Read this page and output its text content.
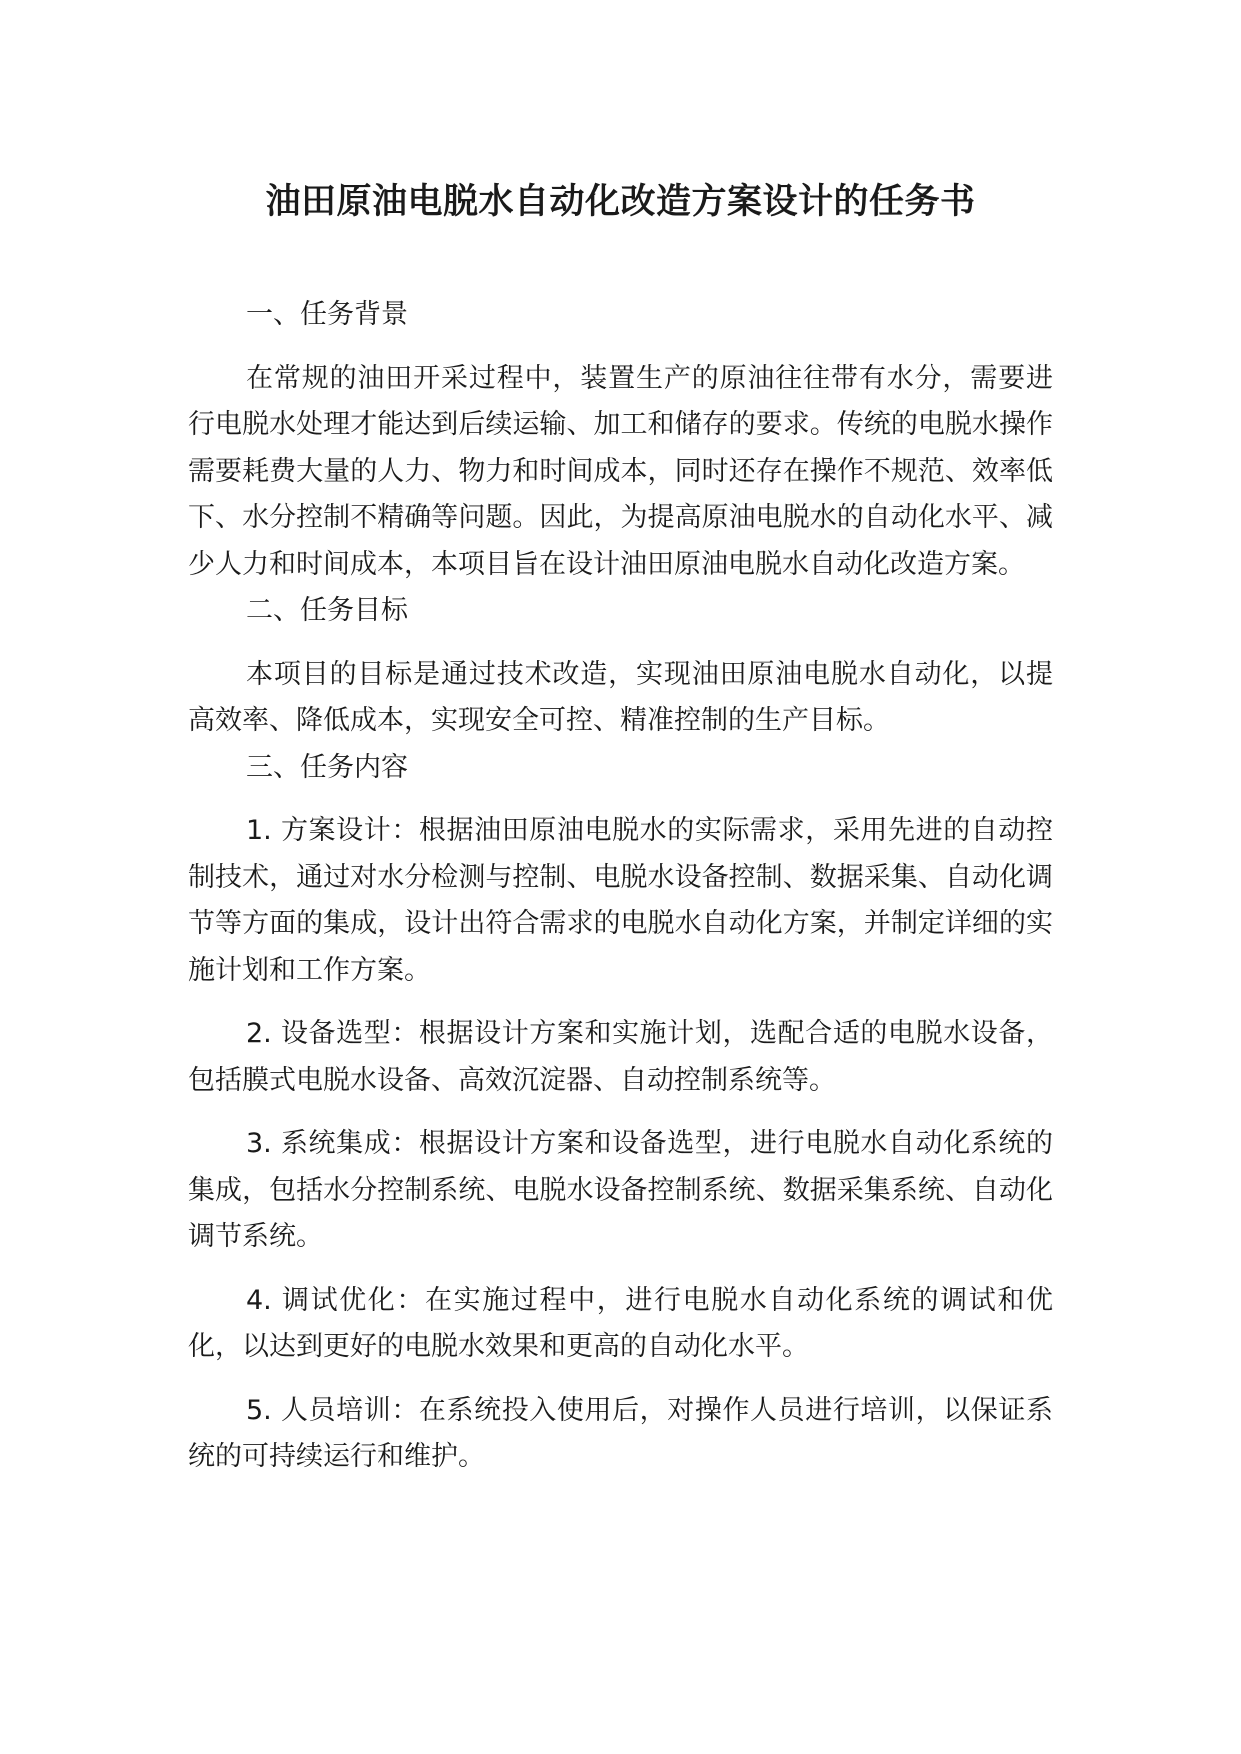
油田原油电脱水自动化改造方案设计的任务书

一、任务背景

在常规的油田开采过程中，装置生产的原油往往带有水分，需要进行电脱水处理才能达到后续运输、加工和储存的要求。传统的电脱水操作需要耗费大量的人力、物力和时间成本，同时还存在操作不规范、效率低下、水分控制不精确等问题。因此，为提高原油电脱水的自动化水平、减少人力和时间成本，本项目旨在设计油田原油电脱水自动化改造方案。

二、任务目标

本项目的目标是通过技术改造，实现油田原油电脱水自动化，以提高效率、降低成本，实现安全可控、精准控制的生产目标。

三、任务内容

1. 方案设计：根据油田原油电脱水的实际需求，采用先进的自动控制技术，通过对水分检测与控制、电脱水设备控制、数据采集、自动化调节等方面的集成，设计出符合需求的电脱水自动化方案，并制定详细的实施计划和工作方案。

2. 设备选型：根据设计方案和实施计划，选配合适的电脱水设备，包括膜式电脱水设备、高效沉淀器、自动控制系统等。

3. 系统集成：根据设计方案和设备选型，进行电脱水自动化系统的集成，包括水分控制系统、电脱水设备控制系统、数据采集系统、自动化调节系统。

4. 调试优化：在实施过程中，进行电脱水自动化系统的调试和优化，以达到更好的电脱水效果和更高的自动化水平。

5. 人员培训：在系统投入使用后，对操作人员进行培训，以保证系统的可持续运行和维护。
